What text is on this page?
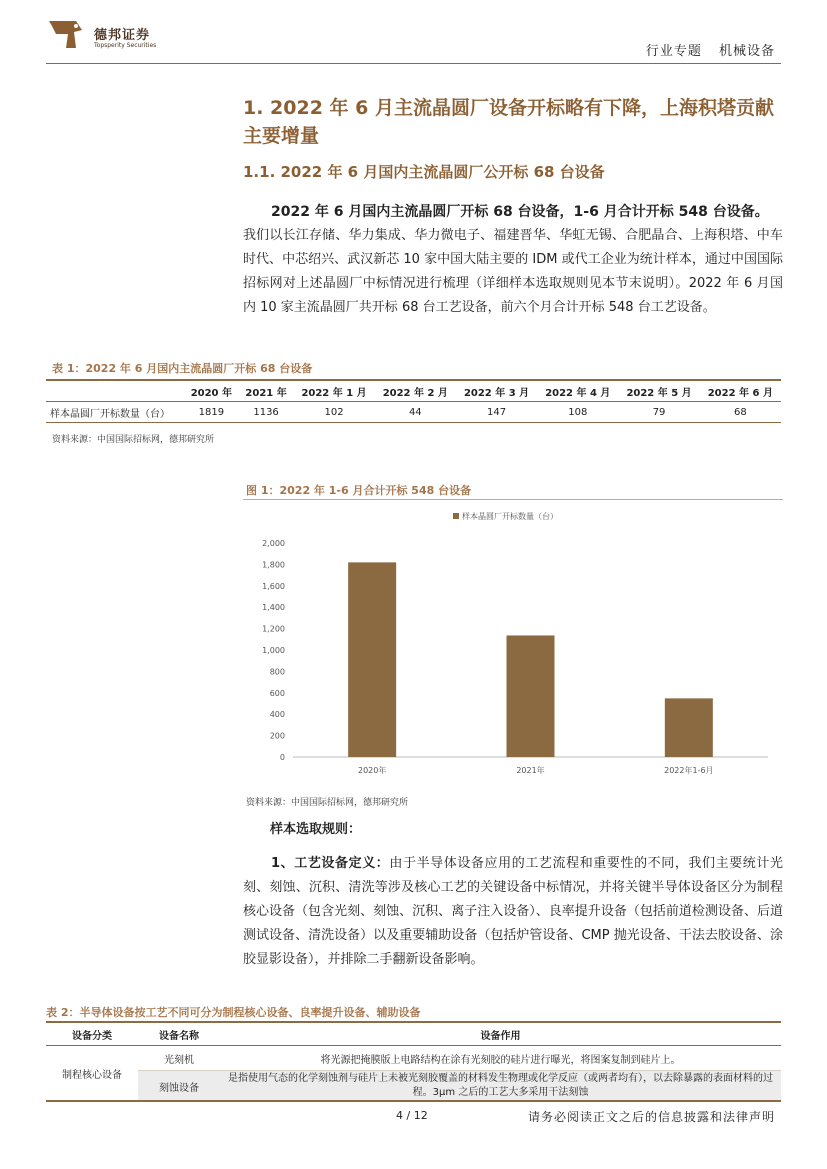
德邦证券
Topsperity Securities	行业专题 机械设备
1. 2022 年 6 月主流晶圆厂设备开标略有下降，上海积塔贡献主要增量
1.1. 2022 年 6 月国内主流晶圆厂公开标 68 台设备
2022 年 6 月国内主流晶圆厂开标 68 台设备，1-6 月合计开标 548 台设备。
我们以长江存储、华力集成、华力微电子、福建晋华、华虹无锡、合肥晶合、上海积塔、中车时代、中芯绍兴、武汉新芯 10 家中国大陆主要的 IDM 或代工企业为统计样本，通过中国国际招标网对上述晶圆厂中标情况进行梳理（详细样本选取规则见本节末说明）。2022 年 6 月国内 10 家主流晶圆厂共开标 68 台工艺设备，前六个月合计开标 548 台工艺设备。
表 1：2022 年 6 月国内主流晶圆厂开标 68 台设备
	2020 年	2021 年	2022 年 1 月	2022 年 2 月	2022 年 3 月	2022 年 4 月	2022 年 5 月	2022 年 6 月
样本晶圆厂开标数量（台）	1819	1136	102	44	147	108	79	68
资料来源：中国国际招标网，德邦研究所
图 1：2022 年 1-6 月合计开标 548 台设备
样本晶圆厂开标数量（台）
0
200
400
600
800
1,000
1,200
1,400
1,600
1,800
2,000
2020年	2021年	2022年1-6月
资料来源：中国国际招标网，德邦研究所
样本选取规则：
1、工艺设备定义：由于半导体设备应用的工艺流程和重要性的不同，我们主要统计光刻、刻蚀、沉积、清洗等涉及核心工艺的关键设备中标情况，并将关键半导体设备区分为制程核心设备（包含光刻、刻蚀、沉积、离子注入设备）、良率提升设备（包括前道检测设备、后道测试设备、清洗设备）以及重要辅助设备（包括炉管设备、CMP 抛光设备、干法去胶设备、涂胶显影设备），并排除二手翻新设备影响。
表 2：半导体设备按工艺不同可分为制程核心设备、良率提升设备、辅助设备
设备分类	设备名称	设备作用
制程核心设备	光刻机	将光源把掩膜版上电路结构在涂有光刻胶的硅片进行曝光，将图案复制到硅片上。
	刻蚀设备	是指使用气态的化学刻蚀剂与硅片上未被光刻胶覆盖的材料发生物理或化学反应（或两者均有），以去除暴露的表面材料的过程。3μm 之后的工艺大多采用干法刻蚀
4 / 12	请务必阅读正文之后的信息披露和法律声明
